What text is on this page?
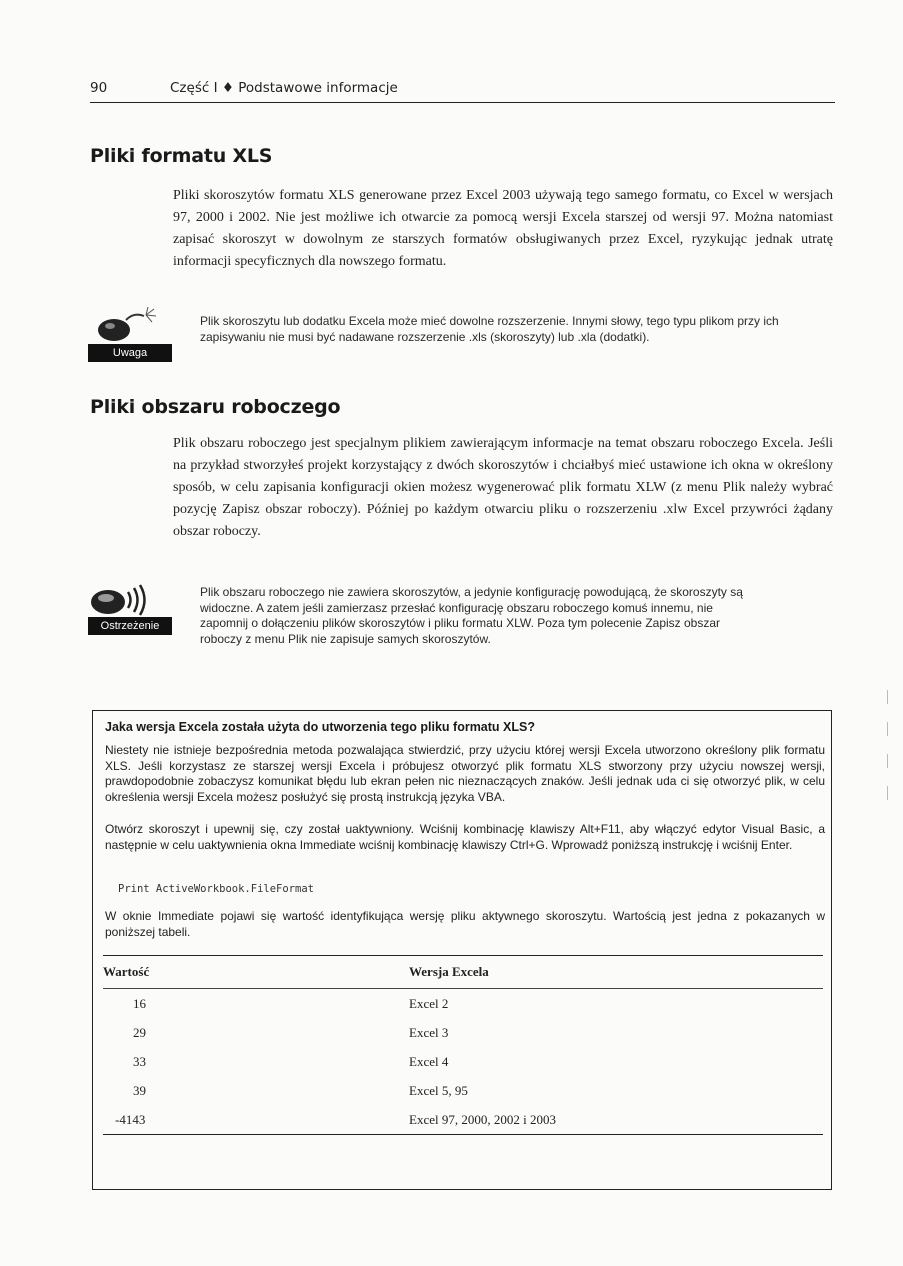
90	Część I ♦ Podstawowe informacje
Pliki formatu XLS

Pliki skoroszytów formatu XLS generowane przez Excel 2003 używają tego samego formatu, co Excel w wersjach 97, 2000 i 2002. Nie jest możliwe ich otwarcie za pomocą wersji Excela starszej od wersji 97. Można natomiast zapisać skoroszyt w dowolnym ze starszych formatów obsługiwanych przez Excel, ryzykując jednak utratę informacji specyficznych dla nowszego formatu.

Uwaga

Plik skoroszytu lub dodatku Excela może mieć dowolne rozszerzenie. Innymi słowy, tego typu plikom przy ich zapisywaniu nie musi być nadawane rozszerzenie .xls (skoroszyty) lub .xla (dodatki).

Pliki obszaru roboczego

Plik obszaru roboczego jest specjalnym plikiem zawierającym informacje na temat obszaru roboczego Excela. Jeśli na przykład stworzyłeś projekt korzystający z dwóch skoroszytów i chciałbyś mieć ustawione ich okna w określony sposób, w celu zapisania konfiguracji okien możesz wygenerować plik formatu XLW (z menu Plik należy wybrać pozycję Zapisz obszar roboczy). Później po każdym otwarciu pliku o rozszerzeniu .xlw Excel przywróci żądany obszar roboczy.

Ostrzeżenie

Plik obszaru roboczego nie zawiera skoroszytów, a jedynie konfigurację powodującą, że skoroszyty są widoczne. A zatem jeśli zamierzasz przesłać konfigurację obszaru roboczego komuś innemu, nie zapomnij o dołączeniu plików skoroszytów i pliku formatu XLW. Poza tym polecenie Zapisz obszar roboczy z menu Plik nie zapisuje samych skoroszytów.

Jaka wersja Excela została użyta do utworzenia tego pliku formatu XLS?

Niestety nie istnieje bezpośrednia metoda pozwalająca stwierdzić, przy użyciu której wersji Excela utworzono określony plik formatu XLS. Jeśli korzystasz ze starszej wersji Excela i próbujesz otworzyć plik formatu XLS stworzony przy użyciu nowszej wersji, prawdopodobnie zobaczysz komunikat błędu lub ekran pełen nic nieznaczących znaków. Jeśli jednak uda ci się otworzyć plik, w celu określenia wersji Excela możesz posłużyć się prostą instrukcją języka VBA.

Otwórz skoroszyt i upewnij się, czy został uaktywniony. Wciśnij kombinację klawiszy Alt+F11, aby włączyć edytor Visual Basic, a następnie w celu uaktywnienia okna Immediate wciśnij kombinację klawiszy Ctrl+G. Wprowadź poniższą instrukcję i wciśnij Enter.

Print ActiveWorkbook.FileFormat

W oknie Immediate pojawi się wartość identyfikująca wersję pliku aktywnego skoroszytu. Wartością jest jedna z pokazanych w poniższej tabeli.

Wartość	Wersja Excela
16	Excel 2
29	Excel 3
33	Excel 4
39	Excel 5, 95
-4143	Excel 97, 2000, 2002 i 2003
